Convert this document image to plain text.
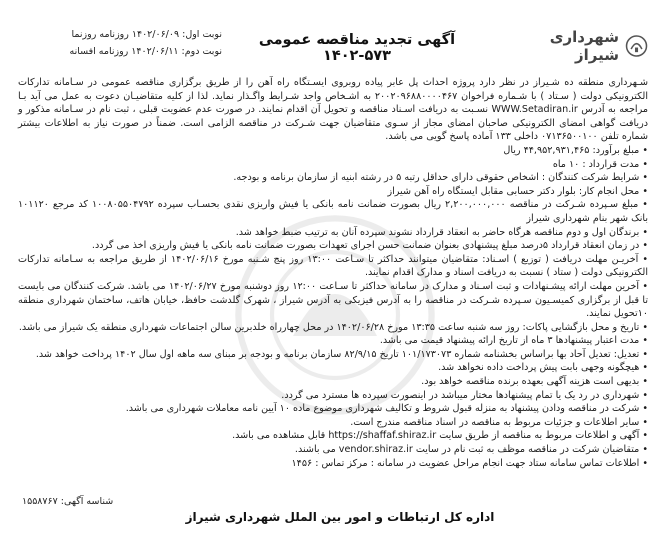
نوبت اول: ۱۴۰۲/۰۶/۰۹ روزنامه روزنما
نوبت دوم: ۱۴۰۲/۰۶/۱۱ روزنامه افسانه
آگهی تجدید مناقصه عمومی ۵۷۳-۱۴۰۲
شهرداری شیراز

شـهرداری منطقه ده شـیراز در نظر دارد پروژه احداث پل عابر پیاده روبروی ایسـتگاه راه آهن را از طریق برگزاری مناقصه عمومی در سـامانه تدارکات الکترونیکی دولت ( سـتاد ) با شـماره فراخوان ۲۰۰۲۰۹۶۸۸۰۰۰۰۴۶۷ به اشـخاص واجد شـرایط واگـذار نماید. لذا از کلیه متقاضیـان دعوت به عمل می آید بـا مراجعه به آدرس WWW.Setadiran.ir نسـبت به دریافت اسـناد مناقصه و تحویل آن اقدام نمایند. در صورت عدم عضویت قبلی ، ثبت نام در سـامانه مذکور و دریافت گواهی امضای الکترونیکی صاحبان امضای مجاز از سـوی متقاضیان جهت شـرکت در مناقصه الزامی است. ضمناً در صورت نیاز به اطلاعات بیشتر شماره تلفن ۰۷۱۳۶۵۰۰۱۰۰ داخلی ۱۳۳ آماده پاسخ گویی می باشد.

• مبلغ برآورد: ۴۴,۹۵۲,۹۳۱,۴۶۵ ریال
• مدت قرارداد : ۱۰ ماه
• شرایط شرکت کنندگان : اشخاص حقوقی دارای حداقل رتبه ۵ در رشته ابنیه از سازمان برنامه و بودجه.
• محل انجام کار: بلوار دکتر حسابی مقابل ایستگاه راه آهن شیراز
• مبلغ سـپرده شـرکت در مناقصه ۲,۲۰۰,۰۰۰,۰۰۰ ریال بصورت ضمانت نامه بانکی یا فیش واریزی نقدی بحسـاب سپرده ۱۰۰۸۰۵۵۰۴۷۹۲ کد مرجع ۱۰۱۱۲۰ بانک شهر بنام شهرداری شیراز
• برندگان اول و دوم مناقصه هرگاه حاضر به انعقاد قرارداد نشوند سپرده آنان به ترتیب ضبط خواهد شد.
• در زمان انعقاد قرارداد ۵درصد مبلغ پیشنهادی بعنوان ضمانت حسن اجرای تعهدات بصورت ضمانت نامه بانکی یا فیش واریزی اخذ می گردد.
• آخریـن مهلت دریافت ( توزیع ) اسـناد: متقاضیان میتوانند حداکثر تا سـاعت ۱۳:۰۰ روز پنج شـنبه مورخ ۱۴۰۲/۰۶/۱۶ از طریق مراجعه به سـامانه تدارکات الکترونیکی دولت ( ستاد ) نسبت به دریافت اسناد و مدارک اقدام نمایند.
• آخرین مهلت ارائه پیشـنهادات و ثبت اسـناد و مدارک در سامانه حداکثر تا سـاعت ۱۲:۰۰ روز دوشنبه مورخ ۱۴۰۲/۰۶/۲۷ می باشد. شرکت کنندگان می بایست تا قبل از برگزاری کمیسـیون سـپرده شـرکت در مناقصه را به آدرس فیزیکی به آدرس شیراز ، شهرک گلدشت حافظ، خیابان هاتف، ساختمان شهرداری منطقه ۱۰تحویل نمایند.
• تاریخ و محل بازگشایی پاکات: روز سه شنبه ساعت ۱۳:۳۵ مورخ ۱۴۰۲/۰۶/۲۸ در محل چهارراه خلدبرین سالن اجتماعات شهرداری منطقه یک شیراز می باشد.
• مدت اعتبار پیشنهادها ۳ ماه از تاریخ ارائه پیشنهاد قیمت می باشد.
• تعدیل: تعدیل آحاد بها براساس بخشنامه شماره ۱۰۱/۱۷۳۰۷۳ تاریخ ۸۲/۹/۱۵ سازمان برنامه و بودجه بر مبنای سه ماهه اول سال ۱۴۰۲ پرداخت خواهد شد.
• هیچگونه وجهی بابت پیش پرداخت داده نخواهد شد.
• بدیهی است هزینه آگهی بعهده برنده مناقصه خواهد بود.
• شهرداری در رد یک یا تمام پیشنهادها مختار میباشد در اینصورت سپرده ها مسترد می گردد.
• شرکت در مناقصه ودادن پیشنهاد به منزله قبول شروط و تکالیف شهرداری موضوع ماده ۱۰ آیین نامه معاملات شهرداری می باشد.
• سایر اطلاعات و جزئیات مربوط به مناقصه در اسناد مناقصه مندرج است.
• آگهی و اطلاعات مربوط به مناقصه از طریق سایت https://shaffaf.shiraz.ir قابل مشاهده می باشد.
• متقاضیان شرکت در مناقصه موظف به ثبت نام در سایت vendor.shiraz.ir می باشند.
• اطلاعات تماس سامانه ستاد جهت انجام مراحل عضویت در سامانه : مرکز تماس : ۱۴۵۶
شناسه آگهی: ۱۵۵۸۷۶۷
اداره کل ارتباطات و امور بین الملل شهرداری شیراز
